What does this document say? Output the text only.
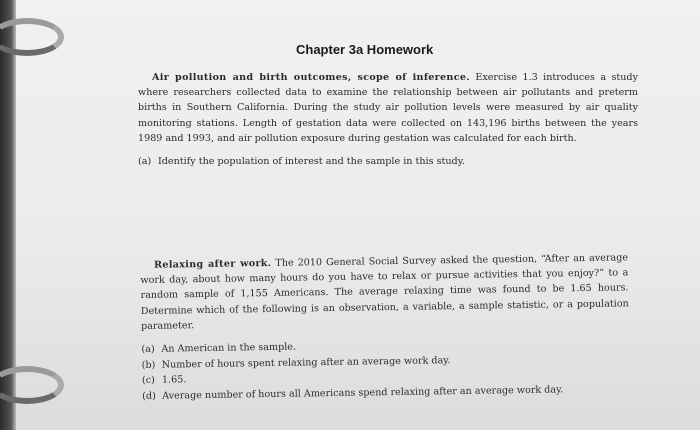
Chapter 3a Homework

Air pollution and birth outcomes, scope of inference. Exercise 1.3 introduces a study where researchers collected data to examine the relationship between air pollutants and preterm births in Southern California. During the study air pollution levels were measured by air quality monitoring stations. Length of gestation data were collected on 143,196 births between the years 1989 and 1993, and air pollution exposure during gestation was calculated for each birth.

(a) Identify the population of interest and the sample in this study.

Relaxing after work. The 2010 General Social Survey asked the question, “After an average work day, about how many hours do you have to relax or pursue activities that you enjoy?” to a random sample of 1,155 Americans. The average relaxing time was found to be 1.65 hours. Determine which of the following is an observation, a variable, a sample statistic, or a population parameter.

(a) An American in the sample.
(b) Number of hours spent relaxing after an average work day.
(c) 1.65.
(d) Average number of hours all Americans spend relaxing after an average work day.
